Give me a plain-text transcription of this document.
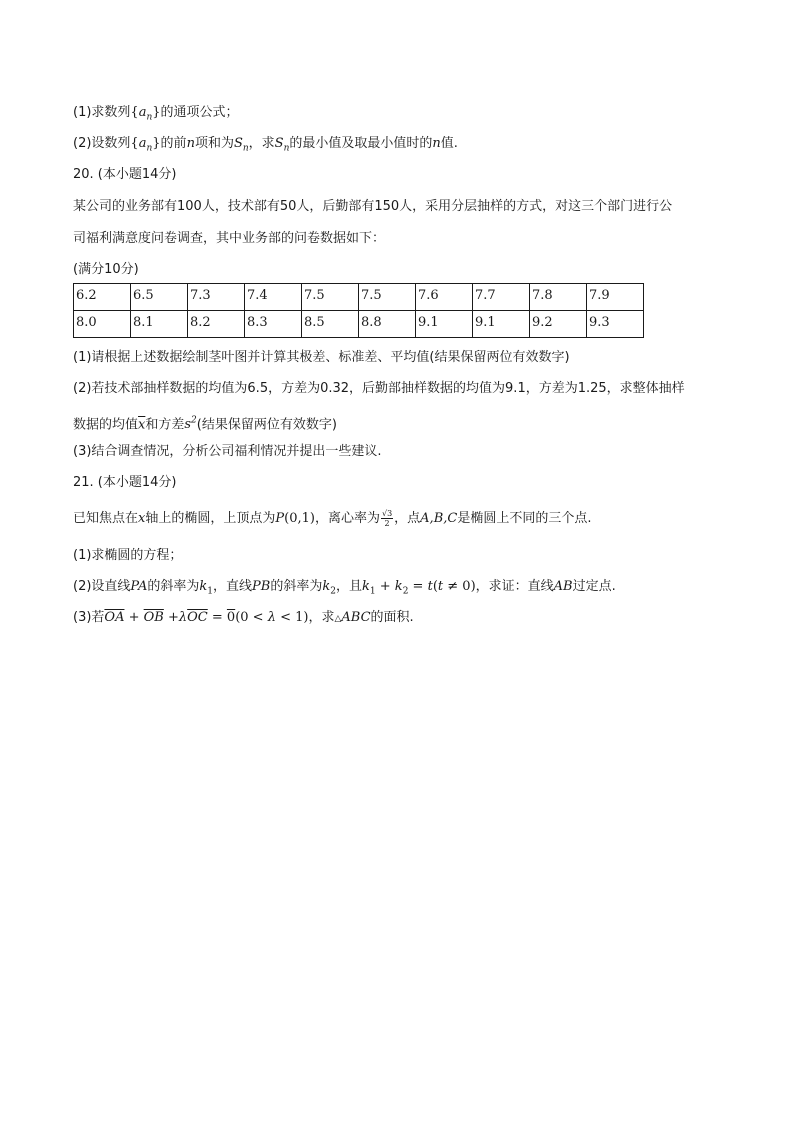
(1)求数列$\{a_n\}$的通项公式；
(2)设数列$\{a_n\}$的前n项和为$S_n$，求$S_n$的最小值及取最小值时的n值.
20. (本小题14分)
某公司的业务部有100人，技术部有50人，后勤部有150人，采用分层抽样的方式，对这三个部门进行公
司福利满意度问卷调查，其中业务部的问卷数据如下：
(满分10分)
6.2	6.5	7.3	7.4	7.5	7.5	7.6	7.7	7.8	7.9
8.0	8.1	8.2	8.3	8.5	8.8	9.1	9.1	9.2	9.3
(1)请根据上述数据绘制茎叶图并计算其极差、标准差、平均值(结果保留两位有效数字)
(2)若技术部抽样数据的均值为6.5，方差为0.32，后勤部抽样数据的均值为9.1，方差为1.25，求整体抽样
数据的均值$\overline{x}$和方差$s^2$(结果保留两位有效数字)
(3)结合调查情况，分析公司福利情况并提出一些建议.
21. (本小题14分)
已知焦点在x轴上的椭圆，上顶点为P(0,1)，离心率为 $\frac{√3}{2}$ ，点A,B,C是椭圆上不同的三个点.
(1)求椭圆的方程；
(2)设直线PA的斜率为$k_1$，直线PB的斜率为$k_2$，且$k_1 + k_2 = t(t \ne 0)$，求证：直线AB过定点.
(3)若$\overline{OA} + \overline{OB} +\lambda\overline{OC} = 0(0 < \lambda < 1)$，求△ABC的面积.
